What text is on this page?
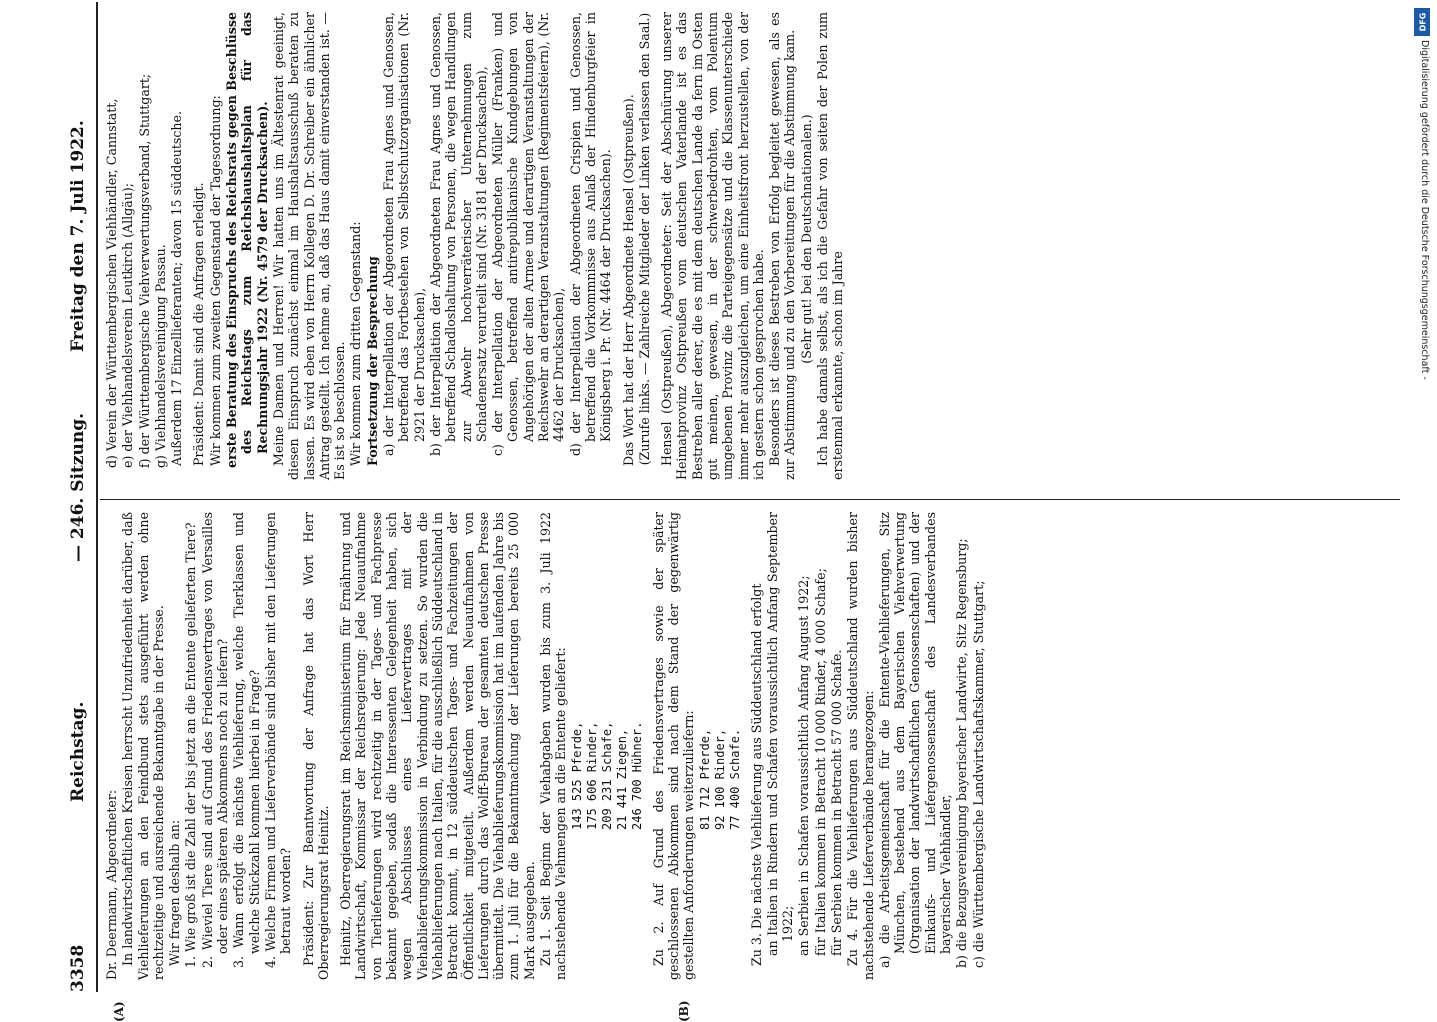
3358
Reichstag.
— 246. Sitzung.
Freitag den 7. Juli 1922.
(A)	(B)

Dr. Deermann, Abgeordneter: In landwirtschaftlichen Kreisen herrscht Unzufriedenheit darüber, daß Viehlieferungen an den Feindbund stets ausgeführt werden ohne rechtzeitige und ausreichende Bekanntgabe in der Presse. Wir fragen deshalb an: 1. Wie groß ist die Zahl der bis jetzt an die Entente gelieferten Tiere? 2. Wieviel Tiere sind auf Grund des Friedensvertrages von Versailles oder eines späteren Abkommens noch zu liefern? 3. Wann erfolgt die nächste Viehlieferung, welche Tierklassen und welche Stückzahl kommen hierbei in Frage? 4. Welche Firmen und Lieferverbände sind bisher mit den Lieferungen betraut worden? Präsident: Zur Beantwortung der Anfrage hat das Wort Herr Oberregierungsrat Heinitz. Heinitz, Oberregierungsrat im Reichsministerium für Ernährung und Landwirtschaft, Kommissar der Reichsregierung: Jede Neuaufnahme von Tierlieferungen wird rechtzeitig in der Tages- und Fachpresse bekannt gegeben, sodaß die Interessenten Gelegenheit haben, sich wegen Abschlusses eines Liefervertrages mit der Viehablieferungskommission in Verbindung zu setzen. So wurden die Viehablieferungen nach Italien, für die ausschließlich Süddeutschland in Betracht kommt, in 12 süddeutschen Tages- und Fachzeitungen der Öffentlichkeit mitgeteilt. Außerdem werden Neuaufnahmen von Lieferungen durch das Wolff-Bureau der gesamten deutschen Presse übermittelt. Die Viehablieferungskommission hat im laufenden Jahre bis zum 1. Juli für die Bekanntmachung der Lieferungen bereits 25 000 Mark ausgegeben. Zu 1. Seit Beginn der Viehabgaben wurden bis zum 3. Juli 1922 nachstehende Viehmengen an die Entente geliefert: 143 525 Pferde, 175 606 Rinder, 209 231 Schafe, 21 441 Ziegen, 246 700 Hühner. Zu 2. Auf Grund des Friedensvertrages sowie der später geschlossenen Abkommen sind nach dem Stand der gegenwärtig gestellten Anforderungen weiterzuliefern: 81 712 Pferde, 92 100 Rinder, 77 400 Schafe. Zu 3. Die nächste Viehlieferung aus Süddeutschland erfolgt an Italien in Rindern und Schafen voraussichtlich Anfang September 1922; an Serbien in Schafen voraussichtlich Anfang August 1922; für Italien kommen in Betracht 10 000 Rinder, 4 000 Schafe; für Serbien kommen in Betracht 57 000 Schafe. Zu 4. Für die Viehlieferungen aus Süddeutschland wurden bisher nachstehende Lieferverbände herangezogen: a) die Arbeitsgemeinschaft für die Entente-Viehlieferungen, Sitz München, bestehend aus dem Bayerischen Viehverwertung (Organisation der landwirtschaftlichen Genossenschaften) und der Einkaufs- und Liefergenossenschaft des Landesverbandes bayerischer Viehhändler, b) die Bezugsvereinigung bayerischer Landwirte, Sitz Regensburg; c) die Württembergische Landwirtschaftskammer, Stuttgart;
d) Verein der Württembergischen Viehhändler, Cannstatt, e) der Viehhandelsverein Leutkirch (Allgäu); f) der Württembergische Viehverwertungsverband, Stuttgart; g) Viehhandelsvereinigung Passau. Außerdem 17 Einzellieferanten; davon 15 süddeutsche. Präsident: Damit sind die Anfragen erledigt. Wir kommen zum zweiten Gegenstand der Tagesordnung: erste Beratung des Einspruchs des Reichsrats gegen Beschlüsse des Reichstags zum Reichshaushaltsplan für das Rechnungsjahr 1922 (Nr. 4579 der Drucksachen). Meine Damen und Herren! Wir hatten uns im Ältestenrat geeinigt, diesen Einspruch zunächst einmal im Haushaltsausschuß beraten zu lassen. Es wird eben von Herrn Kollegen D. Dr. Schreiber ein ähnlicher Antrag gestellt. Ich nehme an, daß das Haus damit einverstanden ist. — Es ist so beschlossen. Wir kommen zum dritten Gegenstand: Fortsetzung der Besprechung a) der Interpellation der Abgeordneten Frau Agnes und Genossen, betreffend das Fortbestehen von Selbstschutzorganisationen (Nr. 2921 der Drucksachen), b) der Interpellation der Abgeordneten Frau Agnes und Genossen, betreffend Schadloshaltung von Personen, die wegen Handlungen zur Abwehr hochverräterischer Unternehmungen zum Schadenersatz verurteilt sind (Nr. 3181 der Drucksachen), c) der Interpellation der Abgeordneten Müller (Franken) und Genossen, betreffend antirepublikanische Kundgebungen von Angehörigen der alten Armee und derartigen Veranstaltungen der Reichswehr an derartigen Veranstaltungen (Regimentsfeiern), (Nr. 4462 der Drucksachen), d) der Interpellation der Abgeordneten Crispien und Genossen, betreffend die Vorkommnisse aus Anlaß der Hindenburgfeier in Königsberg i. Pr. (Nr. 4464 der Drucksachen). Das Wort hat der Herr Abgeordnete Hensel (Ostpreußen). (Zurufe links. — Zahlreiche Mitglieder der Linken verlassen den Saal.) Hensel (Ostpreußen), Abgeordneter: Seit der Abschnürung unserer Heimatprovinz Ostpreußen vom deutschen Vaterlande ist es das Bestreben aller derer, die es mit dem deutschen Lande da fern im Osten gut meinen, gewesen, in der schwerbedrohten, vom Polentum umgebenen Provinz die Parteigegensätze und die Klassenunterschiede immer mehr auszugleichen, um eine Einheitsfront herzustellen, von der ich gestern schon gesprochen habe. Besonders ist dieses Bestreben von Erfolg begleitet gewesen, als es zur Abstimmung und zu den Vorbereitungen für die Abstimmung kam. (Sehr gut! bei den Deutschnationalen.) Ich habe damals selbst, als ich die Gefahr von seiten der Polen zum erstenmal erkannte, schon im Jahre

DFG
Digitalisierung gefördert durch die Deutsche Forschungsgemeinschaft -
